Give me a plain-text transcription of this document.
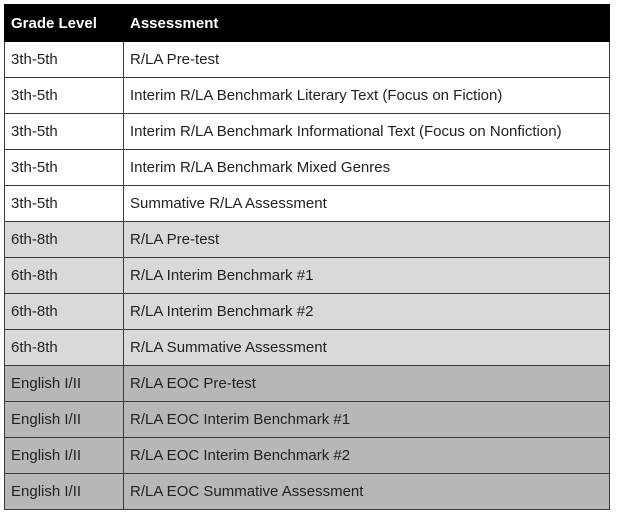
Grade Level	Assessment
3th-5th	R/LA Pre-test
3th-5th	Interim R/LA Benchmark Literary Text (Focus on Fiction)
3th-5th	Interim R/LA Benchmark Informational Text (Focus on Nonfiction)
3th-5th	Interim R/LA Benchmark Mixed Genres
3th-5th	Summative R/LA Assessment
6th-8th	R/LA Pre-test
6th-8th	R/LA Interim Benchmark #1
6th-8th	R/LA Interim Benchmark #2
6th-8th	R/LA Summative Assessment
English I/II	R/LA EOC Pre-test
English I/II	R/LA EOC Interim Benchmark #1
English I/II	R/LA EOC Interim Benchmark #2
English I/II	R/LA EOC Summative Assessment
